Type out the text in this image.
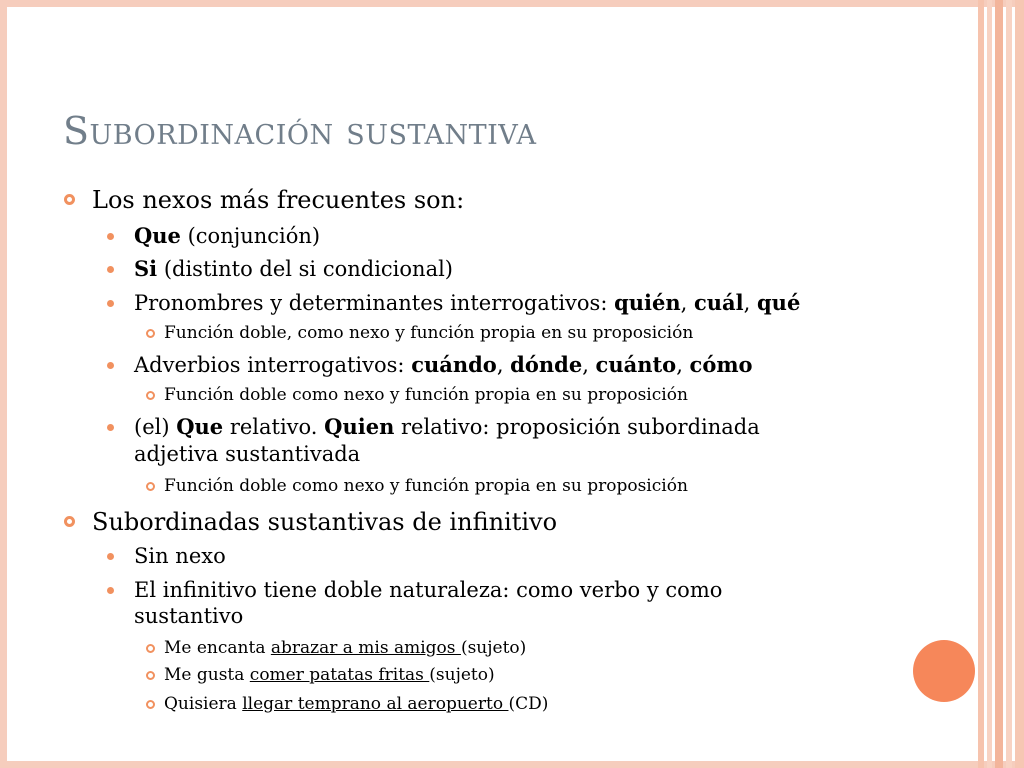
Subordinación sustantiva
Los nexos más frecuentes son:
Que (conjunción)
Si (distinto del si condicional)
Pronombres y determinantes interrogativos: quién, cuál, qué
Función doble, como nexo y función propia en su proposición
Adverbios interrogativos: cuándo, dónde, cuánto, cómo
Función doble como nexo y función propia en su proposición
(el) Que relativo. Quien relativo: proposición subordinada
adjetiva sustantivada
Función doble como nexo y función propia en su proposición
Subordinadas sustantivas de infinitivo
Sin nexo
El infinitivo tiene doble naturaleza: como verbo y como
sustantivo
Me encanta abrazar a mis amigos (sujeto)
Me gusta comer patatas fritas (sujeto)
Quisiera llegar temprano al aeropuerto (CD)
